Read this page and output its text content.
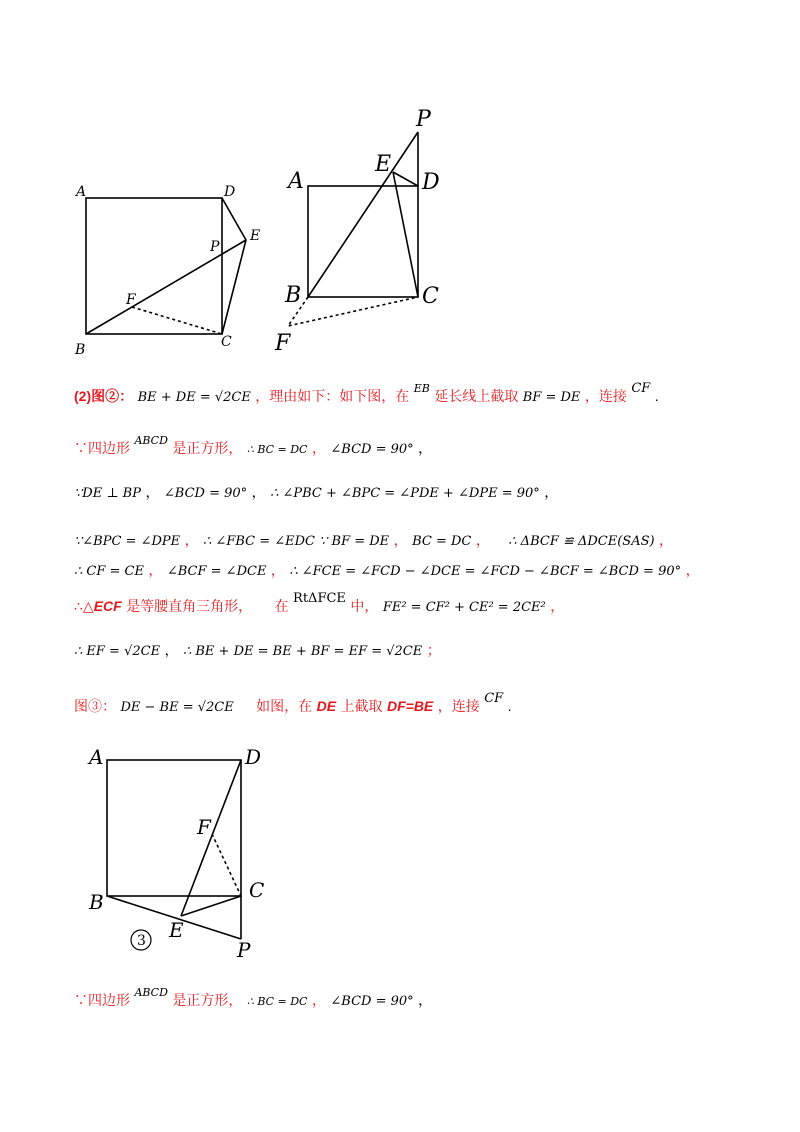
A	D
P
E
F
B	C
P
E
A	D
B	C
F
(2)图②： BE + DE = √2CE ，理由如下：如下图，在 $^{EB}$ 延长线上截取 BF = DE ，连接 CF .
∵四边形 $^{ABCD}$ 是正方形， ∴ BC = DC ， ∠BCD = 90° ，
∵DE ⊥ BP ， ∠BCD = 90° ， ∴ ∠PBC + ∠BPC = ∠PDE + ∠DPE = 90° ，
∵∠BPC = ∠DPE ， ∴ ∠FBC = ∠EDC ∵ BF = DE ， BC = DC ， ∴ ΔBCF ≌ ΔDCE(SAS) ，
∴ CF = CE ， ∠BCF = ∠DCE ， ∴ ∠FCE = ∠FCD − ∠DCE = ∠FCD − ∠BCF = ∠BCD = 90° ，
∴△ECF 是等腰直角三角形， 在 RtΔFCE 中， FE² = CF² + CE² = 2CE² ，
∴ EF = √2CE ， ∴ BE + DE = BE + BF = EF = √2CE ；
图③： DE − BE = √2CE 如图，在 DE 上截取 DF=BE ，连接 CF .
A	D
F
B	C
E
P
3
∵四边形 $^{ABCD}$ 是正方形， ∴ BC = DC ， ∠BCD = 90° ，
